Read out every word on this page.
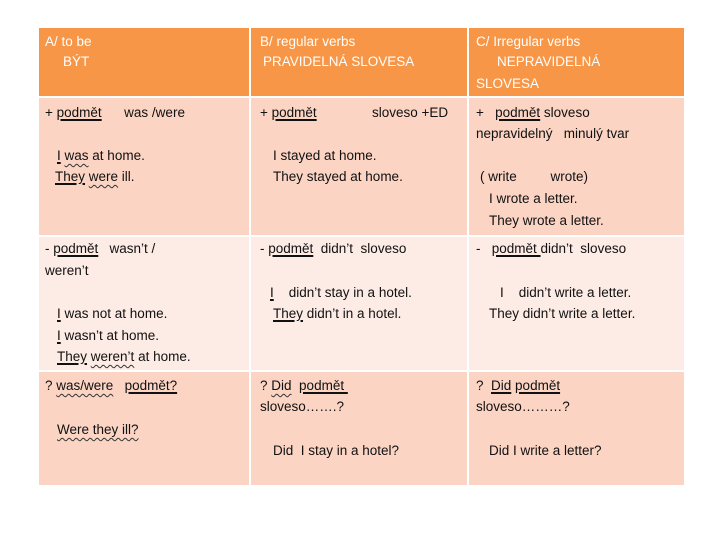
A/ to be
BÝT
B/ regular verbs
PRAVIDELNÁ SLOVESA
C/ Irregular verbs
NEPRAVIDELNÁ
SLOVESA
+ podmět      was /were
I was at home.
They were ill.
+ podmět	sloveso +ED
I stayed at home.
They stayed at home.
+   podmět sloveso
nepravidelný   minulý tvar
( write         wrote)
I wrote a letter.
They wrote a letter.
- podmět   wasn’t /
weren’t
I was not at home.
I wasn’t at home.
They weren’t at home.
- podmět  didn’t  sloveso
I    didn’t stay in a hotel.
They didn’t in a hotel.
-   podmět didn’t  sloveso
I    didn’t write a letter.
They didn’t write a letter.
? was/were podmět?
Were they ill?
? Did podmět
sloveso…….?
Did  I stay in a hotel?
?  Did podmět
sloveso………?
Did I write a letter?
